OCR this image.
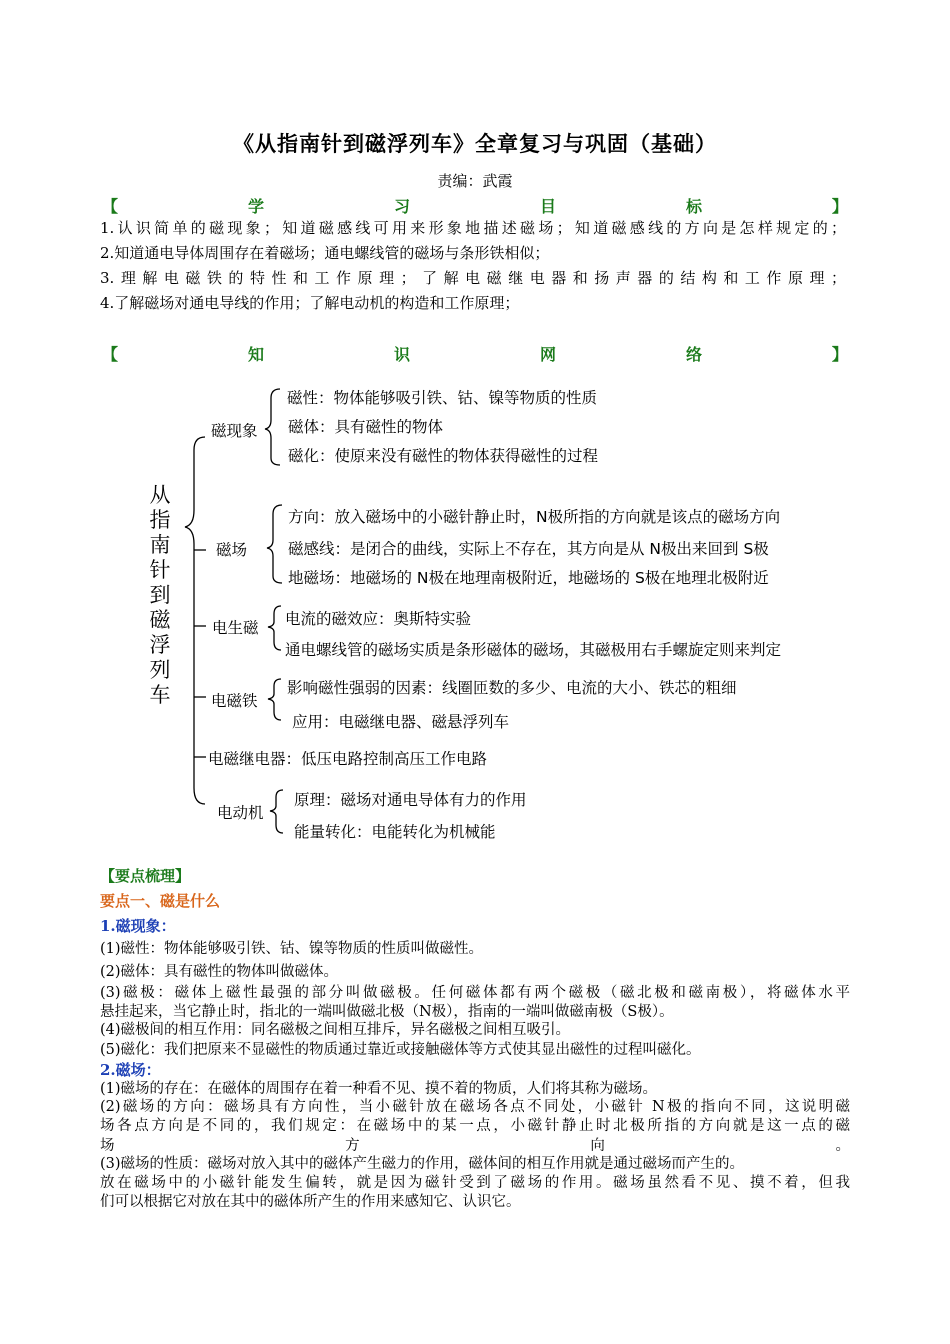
《从指南针到磁浮列车》全章复习与巩固（基础）
责编：武霞
【	学	习	目	标	】
1.认识简单的磁现象；知道磁感线可用来形象地描述磁场；知道磁感线的方向是怎样规定的；
2.知道通电导体周围存在着磁场；通电螺线管的磁场与条形铁相似；
3.理解电磁铁的特性和工作原理；了解电磁继电器和扬声器的结构和工作原理；
4.了解磁场对通电导线的作用；了解电动机的构造和工作原理；
【	知	识	网	络	】
从
指
南
针
到
磁
浮
列
车
磁现象
磁性：物体能够吸引铁、钴、镍等物质的性质
磁体：具有磁性的物体
磁化：使原来没有磁性的物体获得磁性的过程
磁场
方向：放入磁场中的小磁针静止时，N极所指的方向就是该点的磁场方向
磁感线：是闭合的曲线，实际上不存在，其方向是从 N极出来回到 S极
地磁场：地磁场的 N极在地理南极附近，地磁场的 S极在地理北极附近
电生磁 电流的磁效应：奥斯特实验
通电螺线管的磁场实质是条形磁体的磁场，其磁极用右手螺旋定则来判定
电磁铁
影响磁性强弱的因素：线圈匝数的多少、电流的大小、铁芯的粗细
应用：电磁继电器、磁悬浮列车
电磁继电器：低压电路控制高压工作电路
电动机
原理：磁场对通电导体有力的作用
能量转化：电能转化为机械能
【要点梳理】
要点一、磁是什么
1.磁现象：
(1)磁性：物体能够吸引铁、钴、镍等物质的性质叫做磁性。
(2)磁体：具有磁性的物体叫做磁体。
(3)磁极：磁体上磁性最强的部分叫做磁极。任何磁体都有两个磁极（磁北极和磁南极），将磁体水平
悬挂起来，当它静止时，指北的一端叫做磁北极（N极），指南的一端叫做磁南极（S极）。
(4)磁极间的相互作用：同名磁极之间相互排斥，异名磁极之间相互吸引。
(5)磁化：我们把原来不显磁性的物质通过靠近或接触磁体等方式使其显出磁性的过程叫磁化。
2.磁场：
(1)磁场的存在：在磁体的周围存在着一种看不见、摸不着的物质，人们将其称为磁场。
(2)磁场的方向：磁场具有方向性，当小磁针放在磁场各点不同处，小磁针 N极的指向不同，这说明磁
场各点方向是不同的，我们规定：在磁场中的某一点，小磁针静止时北极所指的方向就是这一点的磁
场	方	向	。
(3)磁场的性质：磁场对放入其中的磁体产生磁力的作用，磁体间的相互作用就是通过磁场而产生的。
放在磁场中的小磁针能发生偏转，就是因为磁针受到了磁场的作用。磁场虽然看不见、摸不着，但我
们可以根据它对放在其中的磁体所产生的作用来感知它、认识它。
